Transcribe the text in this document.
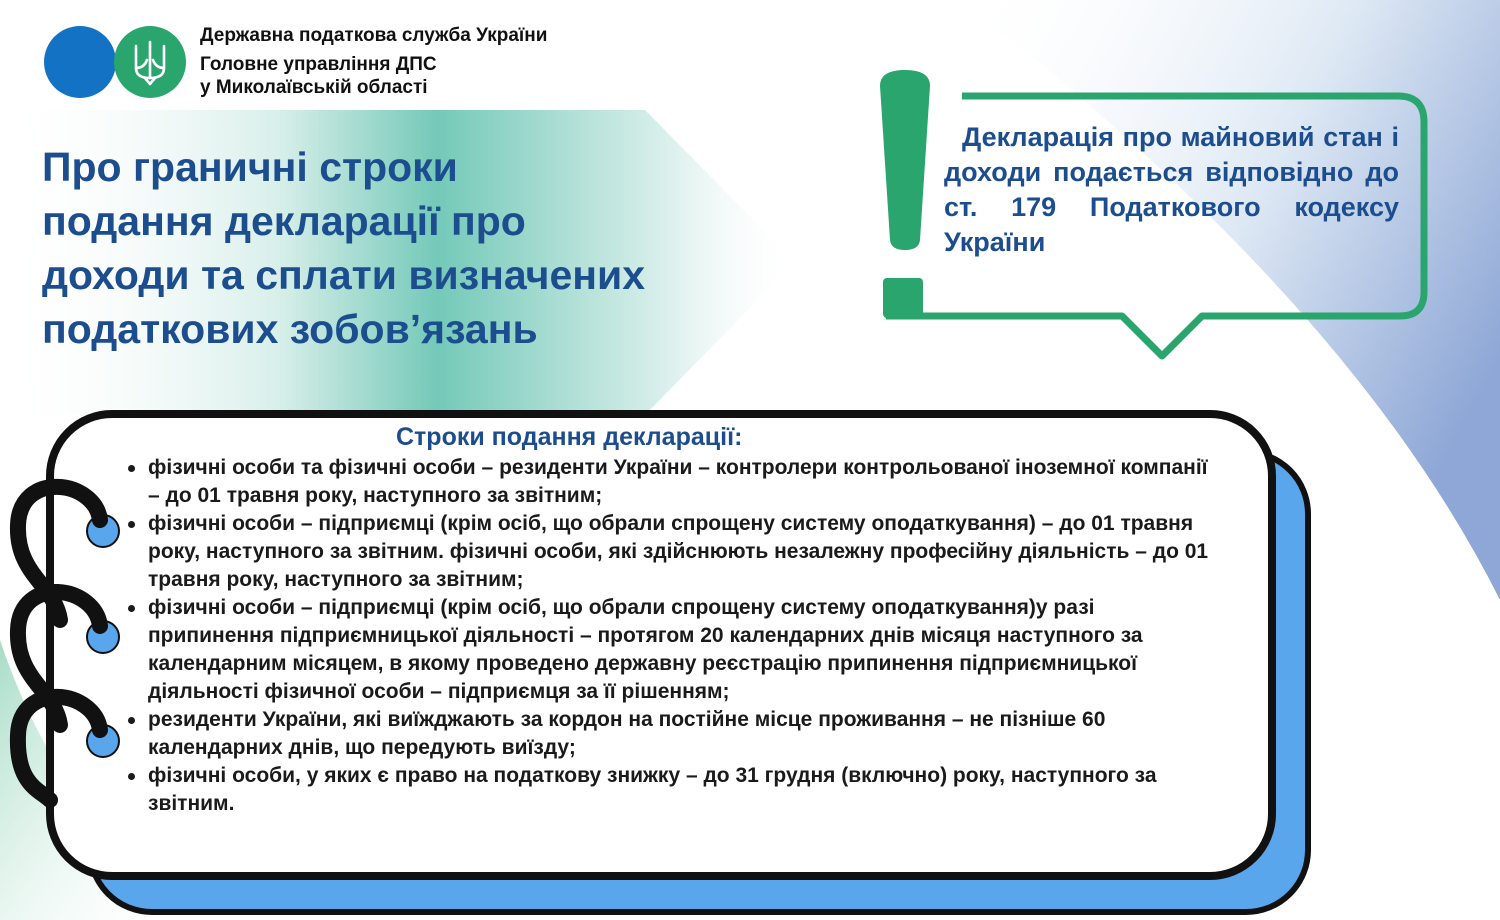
Державна податкова служба України
Головне управління ДПС
у Миколаївській області
Про граничні строки
подання декларації про
доходи та сплати визначених
податкових зобов’язань
Декларація про майновий стан і доходи подається відповідно до ст. 179 Податкового кодексу України
Строки подання декларації:
фізичні особи та фізичні особи – резиденти України – контролери контрольованої іноземної компанії – до 01 травня року, наступного за звітним;
фізичні особи – підприємці (крім осіб, що обрали спрощену систему оподаткування) – до 01 травня року, наступного за звітним. фізичні особи, які здійснюють незалежну професійну діяльність – до 01 травня року, наступного за звітним;
фізичні особи – підприємці (крім осіб, що обрали спрощену систему оподаткування)у разі припинення підприємницької діяльності – протягом 20 календарних днів місяця наступного за календарним місяцем, в якому проведено державну реєстрацію припинення підприємницької діяльності фізичної особи – підприємця за її рішенням;
резиденти України, які виїжджають за кордон на постійне місце проживання – не пізніше 60 календарних днів, що передують виїзду;
фізичні особи, у яких є право на податкову знижку – до 31 грудня (включно) року, наступного за звітним.
